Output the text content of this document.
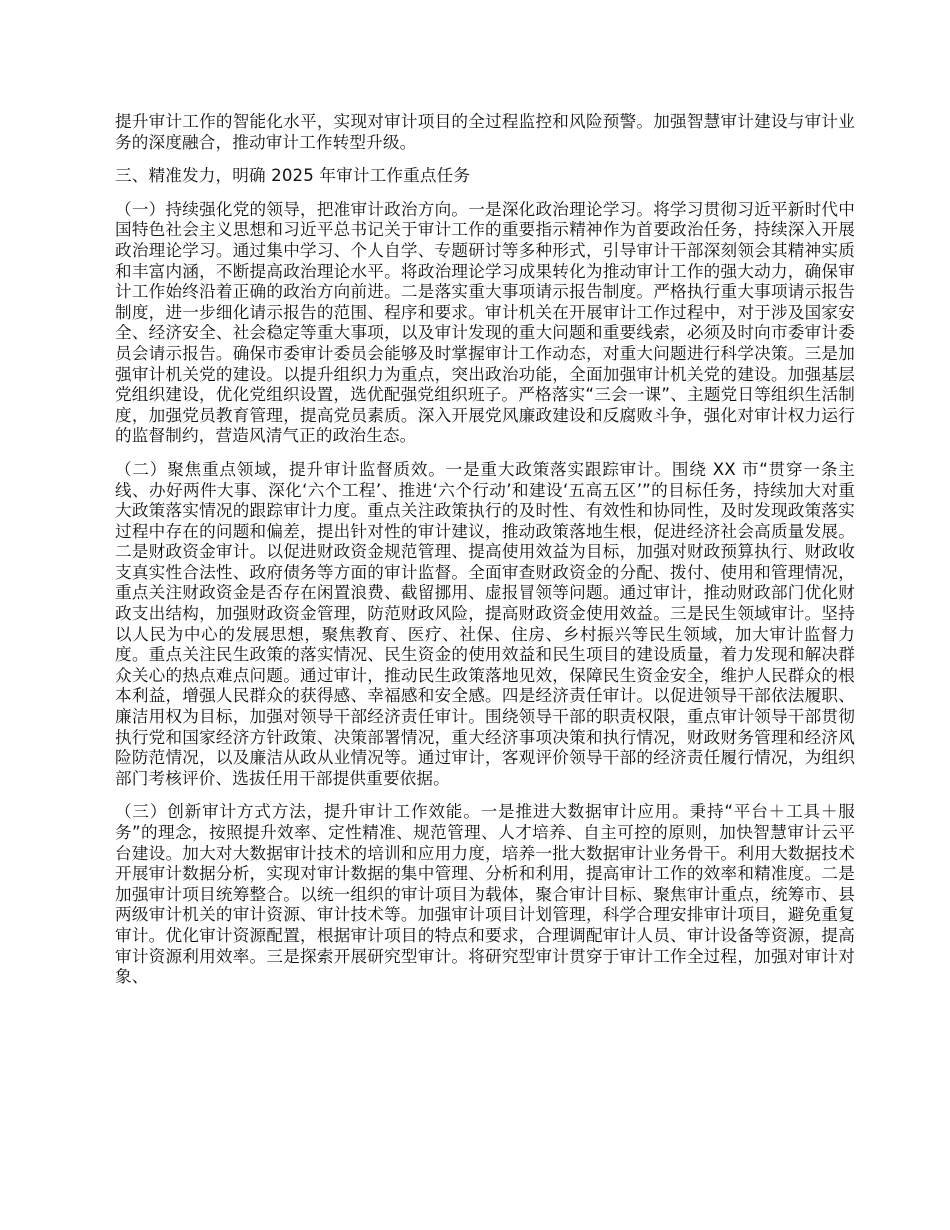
提升审计工作的智能化水平，实现对审计项目的全过程监控和风险预警。加强智慧审计建设与审计业务的深度融合，推动审计工作转型升级。

三、精准发力，明确 2025 年审计工作重点任务

（一）持续强化党的领导，把准审计政治方向。一是深化政治理论学习。将学习贯彻习近平新时代中国特色社会主义思想和习近平总书记关于审计工作的重要指示精神作为首要政治任务，持续深入开展政治理论学习。通过集中学习、个人自学、专题研讨等多种形式，引导审计干部深刻领会其精神实质和丰富内涵，不断提高政治理论水平。将政治理论学习成果转化为推动审计工作的强大动力，确保审计工作始终沿着正确的政治方向前进。二是落实重大事项请示报告制度。严格执行重大事项请示报告制度，进一步细化请示报告的范围、程序和要求。审计机关在开展审计工作过程中，对于涉及国家安全、经济安全、社会稳定等重大事项，以及审计发现的重大问题和重要线索，必须及时向市委审计委员会请示报告。确保市委审计委员会能够及时掌握审计工作动态，对重大问题进行科学决策。三是加强审计机关党的建设。以提升组织力为重点，突出政治功能，全面加强审计机关党的建设。加强基层党组织建设，优化党组织设置，选优配强党组织班子。严格落实“三会一课”、主题党日等组织生活制度，加强党员教育管理，提高党员素质。深入开展党风廉政建设和反腐败斗争，强化对审计权力运行的监督制约，营造风清气正的政治生态。

（二）聚焦重点领域，提升审计监督质效。一是重大政策落实跟踪审计。围绕 XX 市“贯穿一条主线、办好两件大事、深化‘六个工程’、推进‘六个行动’和建设‘五高五区’”的目标任务，持续加大对重大政策落实情况的跟踪审计力度。重点关注政策执行的及时性、有效性和协同性，及时发现政策落实过程中存在的问题和偏差，提出针对性的审计建议，推动政策落地生根，促进经济社会高质量发展。二是财政资金审计。以促进财政资金规范管理、提高使用效益为目标，加强对财政预算执行、财政收支真实性合法性、政府债务等方面的审计监督。全面审查财政资金的分配、拨付、使用和管理情况，重点关注财政资金是否存在闲置浪费、截留挪用、虚报冒领等问题。通过审计，推动财政部门优化财政支出结构，加强财政资金管理，防范财政风险，提高财政资金使用效益。三是民生领域审计。坚持以人民为中心的发展思想，聚焦教育、医疗、社保、住房、乡村振兴等民生领域，加大审计监督力度。重点关注民生政策的落实情况、民生资金的使用效益和民生项目的建设质量，着力发现和解决群众关心的热点难点问题。通过审计，推动民生政策落地见效，保障民生资金安全，维护人民群众的根本利益，增强人民群众的获得感、幸福感和安全感。四是经济责任审计。以促进领导干部依法履职、廉洁用权为目标，加强对领导干部经济责任审计。围绕领导干部的职责权限，重点审计领导干部贯彻执行党和国家经济方针政策、决策部署情况，重大经济事项决策和执行情况，财政财务管理和经济风险防范情况，以及廉洁从政从业情况等。通过审计，客观评价领导干部的经济责任履行情况，为组织部门考核评价、选拔任用干部提供重要依据。

（三）创新审计方式方法，提升审计工作效能。一是推进大数据审计应用。秉持“平台＋工具＋服务”的理念，按照提升效率、定性精准、规范管理、人才培养、自主可控的原则，加快智慧审计云平台建设。加大对大数据审计技术的培训和应用力度，培养一批大数据审计业务骨干。利用大数据技术开展审计数据分析，实现对审计数据的集中管理、分析和利用，提高审计工作的效率和精准度。二是加强审计项目统筹整合。以统一组织的审计项目为载体，聚合审计目标、聚焦审计重点，统筹市、县两级审计机关的审计资源、审计技术等。加强审计项目计划管理，科学合理安排审计项目，避免重复审计。优化审计资源配置，根据审计项目的特点和要求，合理调配审计人员、审计设备等资源，提高审计资源利用效率。三是探索开展研究型审计。将研究型审计贯穿于审计工作全过程，加强对审计对象、
